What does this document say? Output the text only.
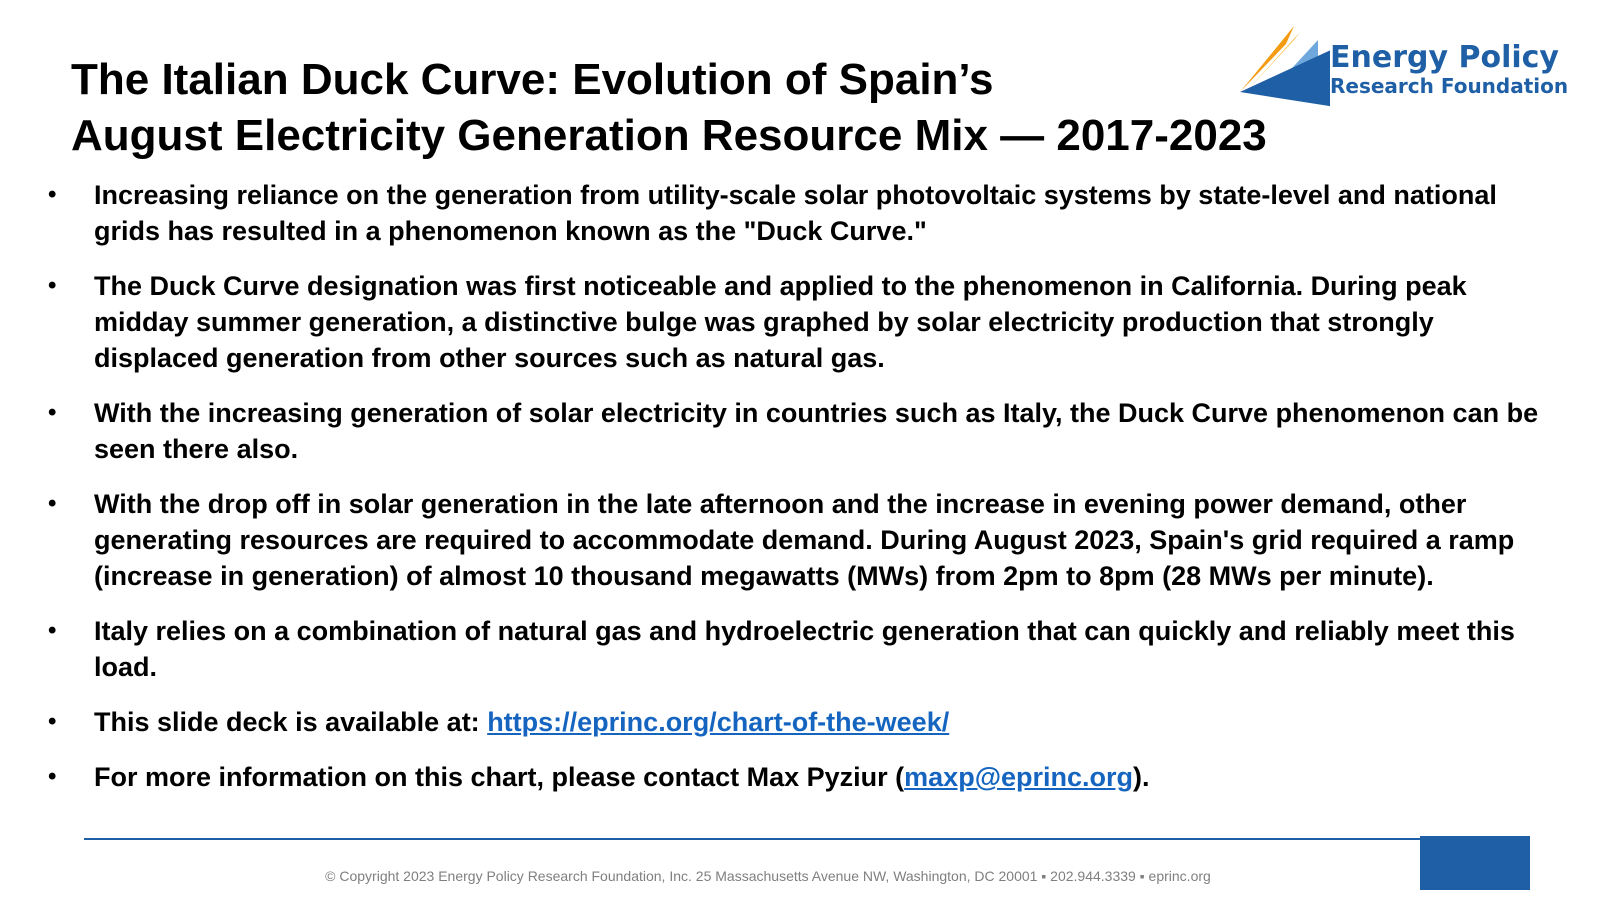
The Italian Duck Curve: Evolution of Spain’s
August Electricity Generation Resource Mix — 2017-2023
Energy Policy
Research Foundation
• Increasing reliance on the generation from utility-scale solar photovoltaic systems by state-level and national grids has resulted in a phenomenon known as the "Duck Curve."
• The Duck Curve designation was first noticeable and applied to the phenomenon in California. During peak midday summer generation, a distinctive bulge was graphed by solar electricity production that strongly displaced generation from other sources such as natural gas.
• With the increasing generation of solar electricity in countries such as Italy, the Duck Curve phenomenon can be seen there also.
• With the drop off in solar generation in the late afternoon and the increase in evening power demand, other generating resources are required to accommodate demand. During August 2023, Spain's grid required a ramp (increase in generation) of almost 10 thousand megawatts (MWs) from 2pm to 8pm (28 MWs per minute).
• Italy relies on a combination of natural gas and hydroelectric generation that can quickly and reliably meet this load.
• This slide deck is available at: https://eprinc.org/chart-of-the-week/
• For more information on this chart, please contact Max Pyziur (maxp@eprinc.org).
© Copyright 2023 Energy Policy Research Foundation, Inc. 25 Massachusetts Avenue NW, Washington, DC 20001 ▪ 202.944.3339 ▪ eprinc.org
